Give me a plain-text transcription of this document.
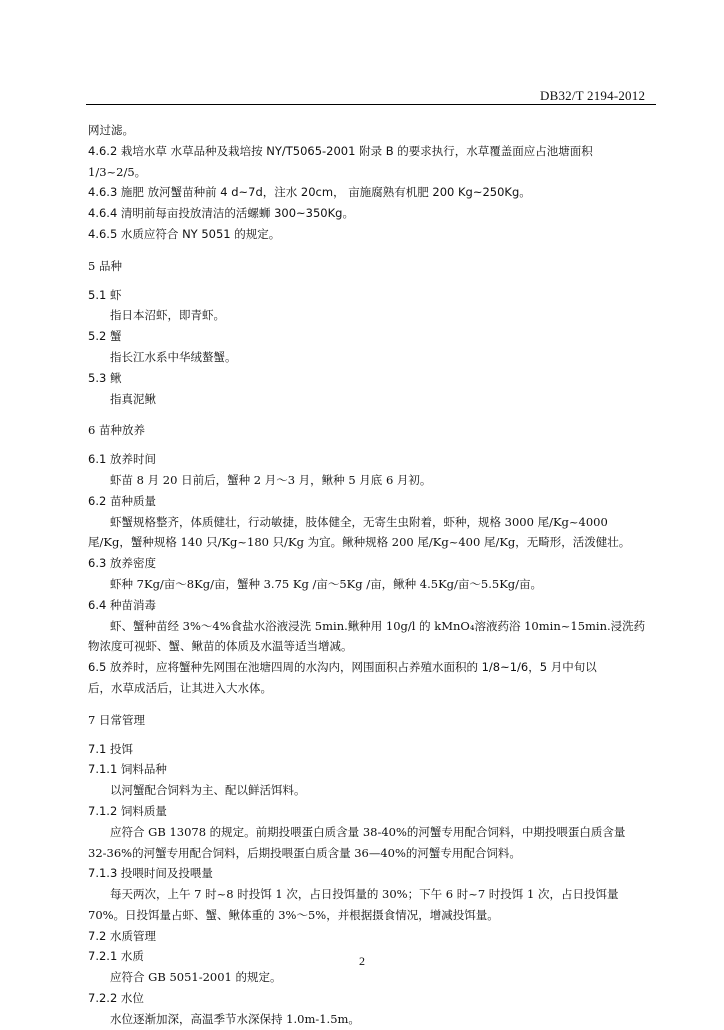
DB32/T 2194-2012

网过滤。

4.6.2 栽培水草 水草品种及栽培按 NY/T5065-2001 附录 B 的要求执行，水草覆盖面应占池塘面积

1/3~2/5。

4.6.3 施肥 放河蟹苗种前 4 d~7d，注水 20cm， 亩施腐熟有机肥 200 Kg~250Kg。

4.6.4 清明前每亩投放清洁的活螺蛳 300~350Kg。

4.6.5 水质应符合 NY 5051 的规定。

5 品种

5.1 虾

指日本沼虾，即青虾。

5.2 蟹

指长江水系中华绒螯蟹。

5.3 鳅

指真泥鳅

6 苗种放养

6.1 放养时间

虾苗 8 月 20 日前后，蟹种 2 月～3 月，鳅种 5 月底 6 月初。

6.2 苗种质量

虾蟹规格整齐，体质健壮，行动敏捷，肢体健全，无寄生虫附着，虾种，规格 3000 尾/Kg~4000

尾/Kg，蟹种规格 140 只/Kg~180 只/Kg 为宜。鳅种规格 200 尾/Kg~400 尾/Kg，无畸形，活泼健壮。

6.3 放养密度

虾种 7Kg/亩～8Kg/亩，蟹种 3.75 Kg /亩～5Kg /亩，鳅种 4.5Kg/亩～5.5Kg/亩。

6.4 种苗消毒

虾、蟹种苗经 3%～4%食盐水浴液浸洗 5min.鳅种用 10g/l 的 kMnO₄溶液药浴 10min~15min.浸洗药

物浓度可视虾、蟹、鳅苗的体质及水温等适当增减。

6.5 放养时，应将蟹种先网围在池塘四周的水沟内，网围面积占养殖水面积的 1/8~1/6，5 月中旬以

后，水草成活后，让其进入大水体。

7 日常管理

7.1 投饵

7.1.1 饲料品种

以河蟹配合饲料为主、配以鲜活饵料。

7.1.2 饲料质量

应符合 GB 13078 的规定。前期投喂蛋白质含量 38-40%的河蟹专用配合饲料，中期投喂蛋白质含量

32-36%的河蟹专用配合饲料，后期投喂蛋白质含量 36—40%的河蟹专用配合饲料。

7.1.3 投喂时间及投喂量

每天两次，上午 7 时~8 时投饵 1 次，占日投饵量的 30%；下午 6 时~7 时投饵 1 次，占日投饵量

70%。日投饵量占虾、蟹、鳅体重的 3%～5%，并根据摄食情况，增减投饵量。

7.2 水质管理

7.2.1 水质

应符合 GB 5051-2001 的规定。

7.2.2 水位

水位逐渐加深，高温季节水深保持 1.0m-1.5m。

2
